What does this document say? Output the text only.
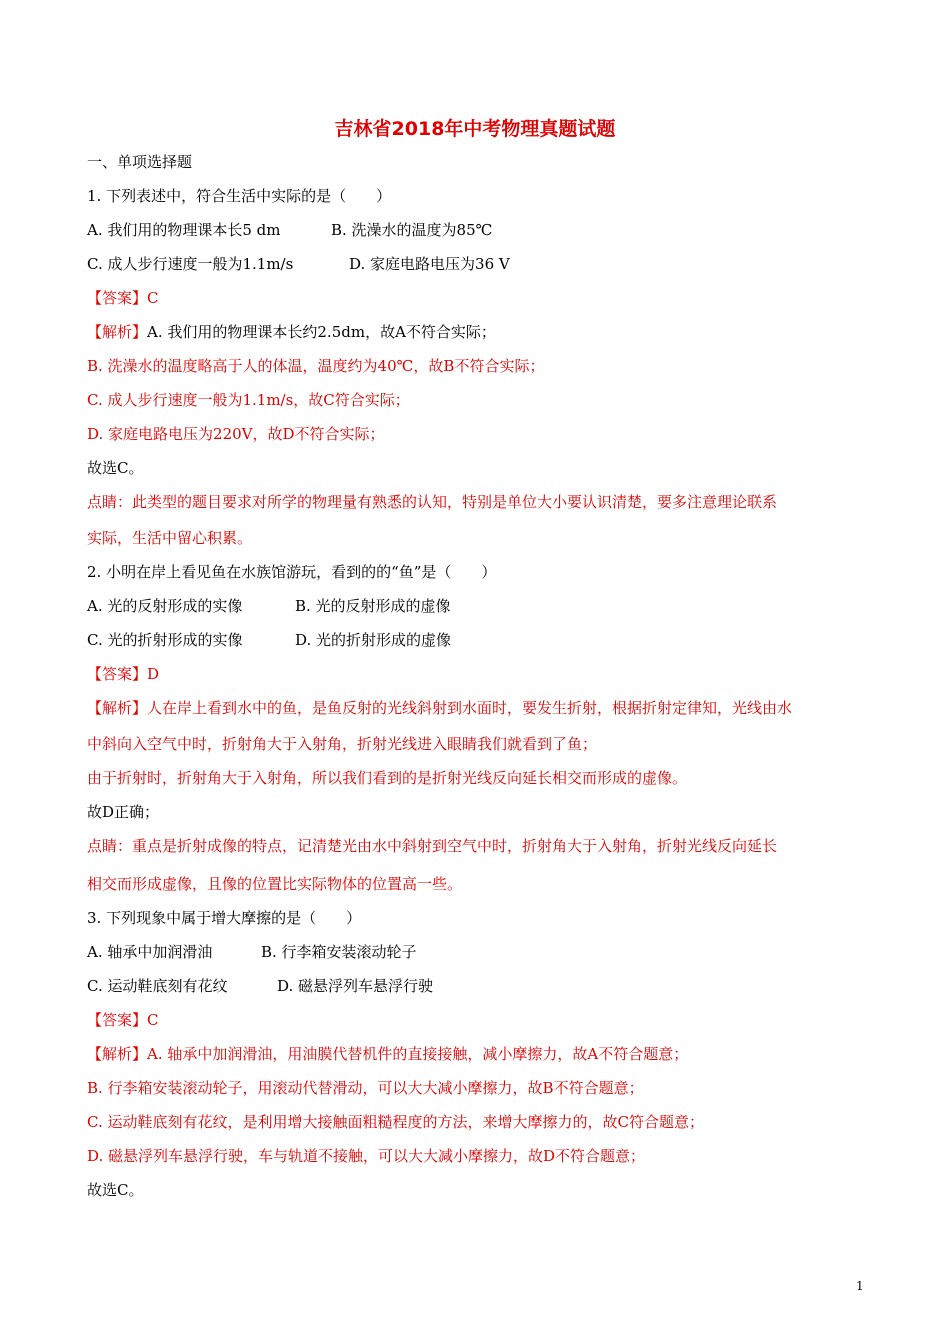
吉林省2018年中考物理真题试题
一、单项选择题
1. 下列表述中，符合生活中实际的是（　　）
A. 我们用的物理课本长5 dm	B. 洗澡水的温度为85℃
C. 成人步行速度一般为1.1m/s	D. 家庭电路电压为36 V
【答案】C
【解析】A. 我们用的物理课本长约2.5dm，故A不符合实际；
B. 洗澡水的温度略高于人的体温，温度约为40℃，故B不符合实际；
C. 成人步行速度一般为1.1m/s，故C符合实际；
D. 家庭电路电压为220V，故D不符合实际；
故选C。
点睛：此类型的题目要求对所学的物理量有熟悉的认知，特别是单位大小要认识清楚，要多注意理论联系
实际，生活中留心积累。
2. 小明在岸上看见鱼在水族馆游玩，看到的的“鱼”是（　　）
A. 光的反射形成的实像	B. 光的反射形成的虚像
C. 光的折射形成的实像	D. 光的折射形成的虚像
【答案】D
【解析】人在岸上看到水中的鱼，是鱼反射的光线斜射到水面时，要发生折射，根据折射定律知，光线由水
中斜向入空气中时，折射角大于入射角，折射光线进入眼睛我们就看到了鱼；
由于折射时，折射角大于入射角，所以我们看到的是折射光线反向延长相交而形成的虚像。
故D正确；
点睛：重点是折射成像的特点，记清楚光由水中斜射到空气中时，折射角大于入射角，折射光线反向延长
相交而形成虚像，且像的位置比实际物体的位置高一些。
3. 下列现象中属于增大摩擦的是（　　）
A. 轴承中加润滑油	B. 行李箱安装滚动轮子
C. 运动鞋底刻有花纹	D. 磁悬浮列车悬浮行驶
【答案】C
【解析】A. 轴承中加润滑油，用油膜代替机件的直接接触，减小摩擦力，故A不符合题意；
B. 行李箱安装滚动轮子，用滚动代替滑动，可以大大减小摩擦力，故B不符合题意；
C. 运动鞋底刻有花纹，是利用增大接触面粗糙程度的方法，来增大摩擦力的，故C符合题意；
D. 磁悬浮列车悬浮行驶，车与轨道不接触，可以大大减小摩擦力，故D不符合题意；
故选C。
1
